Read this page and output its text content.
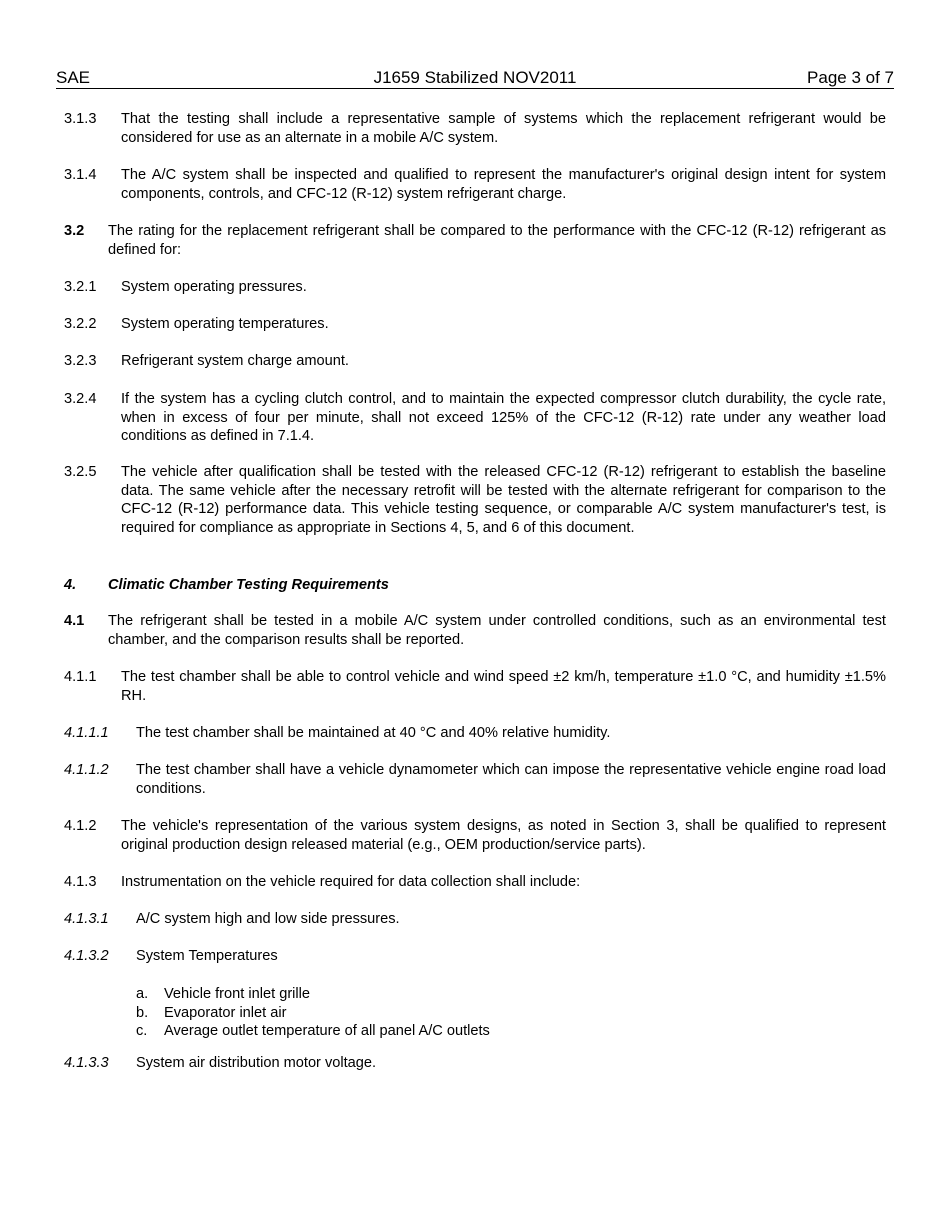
SAE	J1659 Stabilized NOV2011	Page 3 of 7
3.1.3 That the testing shall include a representative sample of systems which the replacement refrigerant would be considered for use as an alternate in a mobile A/C system.
3.1.4 The A/C system shall be inspected and qualified to represent the manufacturer's original design intent for system components, controls, and CFC-12 (R-12) system refrigerant charge.
3.2 The rating for the replacement refrigerant shall be compared to the performance with the CFC-12 (R-12) refrigerant as defined for:
3.2.1 System operating pressures.
3.2.2 System operating temperatures.
3.2.3 Refrigerant system charge amount.
3.2.4 If the system has a cycling clutch control, and to maintain the expected compressor clutch durability, the cycle rate, when in excess of four per minute, shall not exceed 125% of the CFC-12 (R-12) rate under any weather load conditions as defined in 7.1.4.
3.2.5 The vehicle after qualification shall be tested with the released CFC-12 (R-12) refrigerant to establish the baseline data. The same vehicle after the necessary retrofit will be tested with the alternate refrigerant for comparison to the CFC-12 (R-12) performance data. This vehicle testing sequence, or comparable A/C system manufacturer's test, is required for compliance as appropriate in Sections 4, 5, and 6 of this document.
4. Climatic Chamber Testing Requirements
4.1 The refrigerant shall be tested in a mobile A/C system under controlled conditions, such as an environmental test chamber, and the comparison results shall be reported.
4.1.1 The test chamber shall be able to control vehicle and wind speed ±2 km/h, temperature ±1.0 °C, and humidity ±1.5% RH.
4.1.1.1 The test chamber shall be maintained at 40 °C and 40% relative humidity.
4.1.1.2 The test chamber shall have a vehicle dynamometer which can impose the representative vehicle engine road load conditions.
4.1.2 The vehicle's representation of the various system designs, as noted in Section 3, shall be qualified to represent original production design released material (e.g., OEM production/service parts).
4.1.3 Instrumentation on the vehicle required for data collection shall include:
4.1.3.1 A/C system high and low side pressures.
4.1.3.2 System Temperatures
a. Vehicle front inlet grille
b. Evaporator inlet air
c. Average outlet temperature of all panel A/C outlets
4.1.3.3 System air distribution motor voltage.
